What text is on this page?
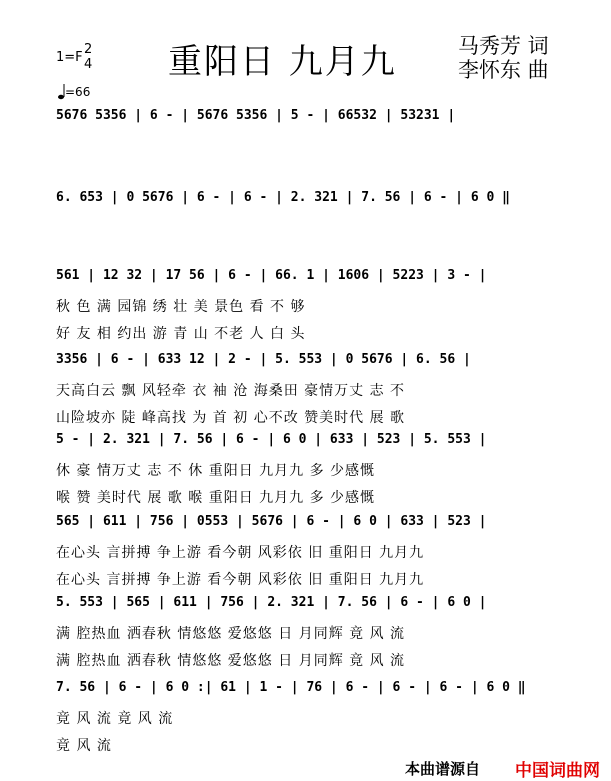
重阳日 九月九	马秀芳 词
李怀东 曲
1=F
2
4
=66
5676 5356 | 6 - | 5676 5356 | 5 - | 66532 | 53231 |
6. 653 | 0 5676 | 6 - | 6 - | 2. 321 | 7. 56 | 6 - | 6 0 ‖
561 | 12 32 | 17 56 | 6 - | 66. 1 | 1606 | 5223 | 3 - |
秋 色 满 园锦 绣 壮 美 景色 看 不 够
好 友 相 约出 游 青 山 不老 人 白 头
3356 | 6 - | 633 12 | 2 - | 5. 553 | 0 5676 | 6. 56 |
天高白云 飘 风轻牵 衣 袖 沧 海桑田 豪情万丈 志 不
山险坡亦 陡 峰高找 为 首 初 心不改 赞美时代 展 歌
5 - | 2. 321 | 7. 56 | 6 - | 6 0 | 633 | 523 | 5. 553 |
休 豪 情万丈 志 不 休 重阳日 九月九 多 少感慨
喉 赞 美时代 展 歌 喉 重阳日 九月九 多 少感慨
565 | 611 | 756 | 0553 | 5676 | 6 - | 6 0 | 633 | 523 |
在心头 言拼搏 争上游 看今朝 风彩依 旧 重阳日 九月九
在心头 言拼搏 争上游 看今朝 风彩依 旧 重阳日 九月九
5. 553 | 565 | 611 | 756 | 2. 321 | 7. 56 | 6 - | 6 0 |
满 腔热血 洒春秋 情悠悠 爱悠悠 日 月同辉 竟 风 流
满 腔热血 洒春秋 情悠悠 爱悠悠 日 月同辉 竟 风 流
7. 56 | 6 - | 6 0 :| 61 | 1 - | 76 | 6 - | 6 - | 6 - | 6 0 ‖
竟 风 流 竟 风 流
竟 风 流
本曲谱源自 中国词曲网
